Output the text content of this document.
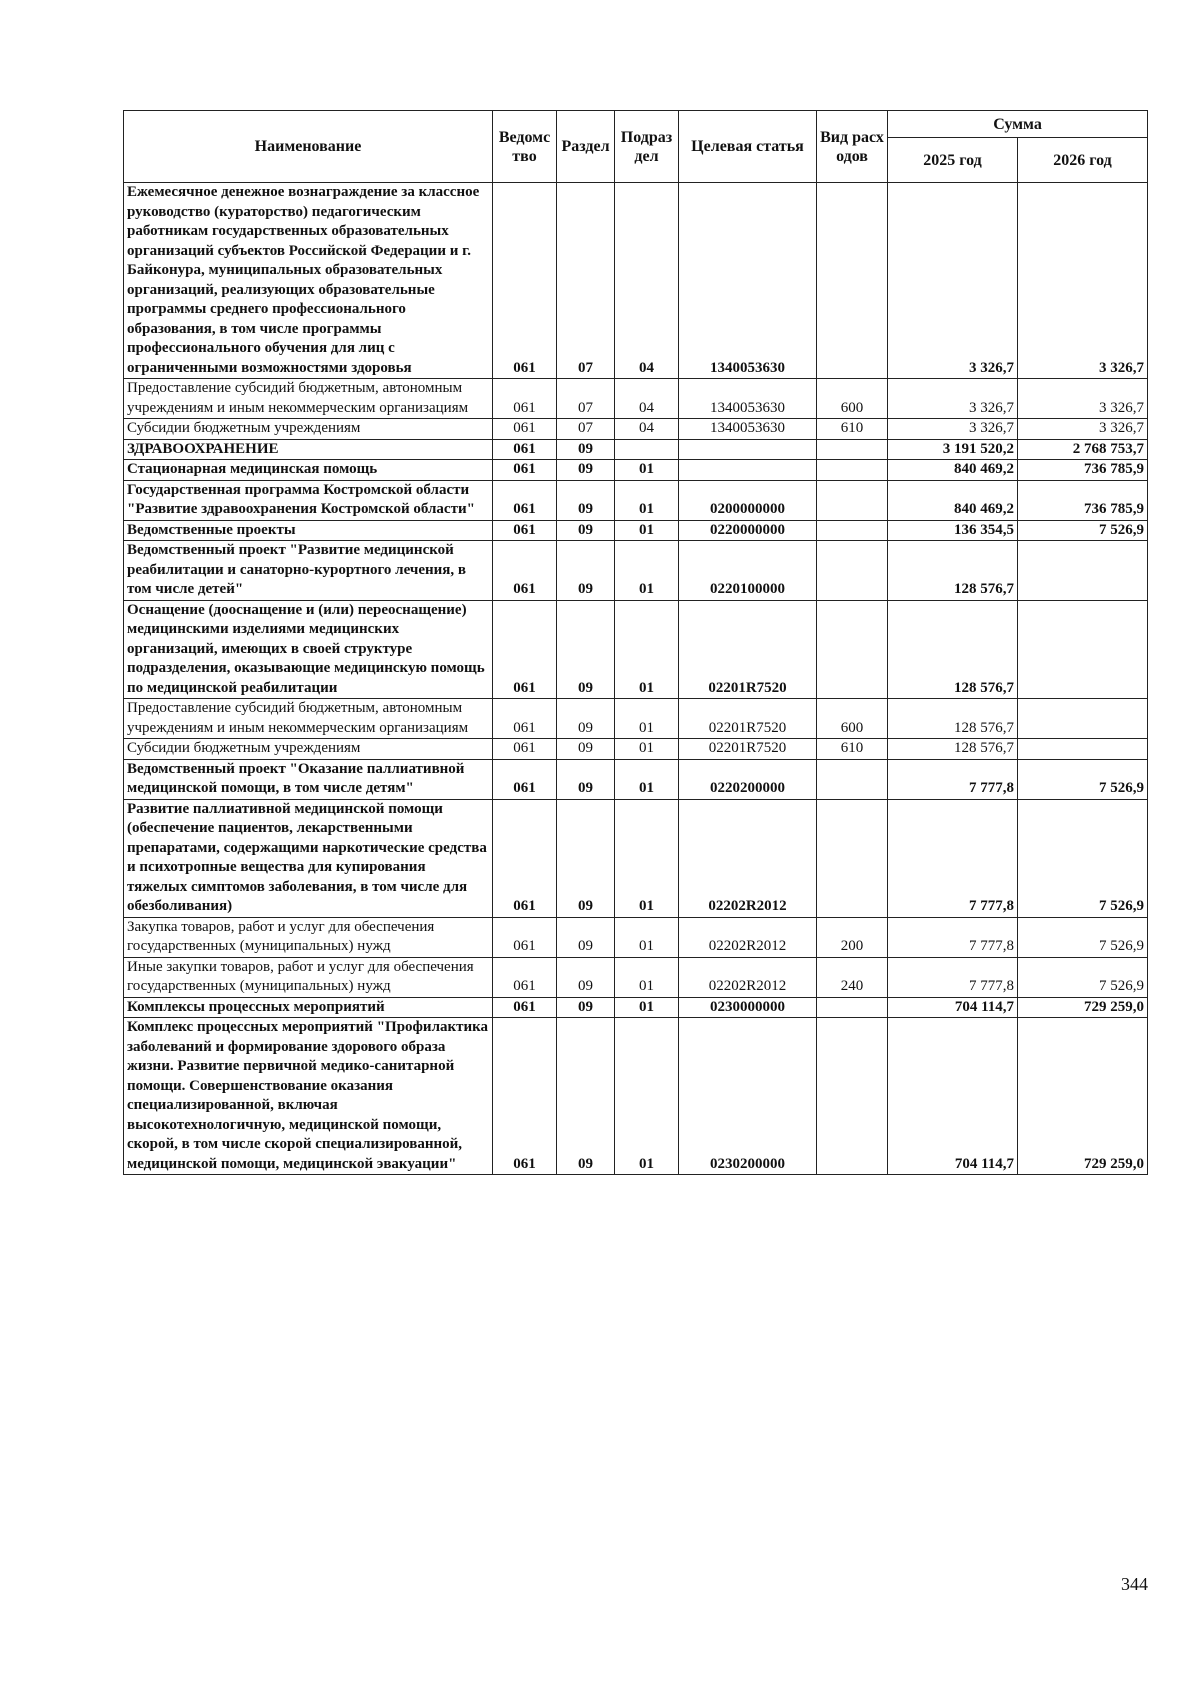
Наименование	Ведомство	Раздел	Подраздел	Целевая статья	Вид расходов	Сумма	
						2025 год	2026 год
Ежемесячное денежное вознаграждение за классное руководство (кураторство) педагогическим работникам государственных образовательных организаций субъектов Российской Федерации и г. Байконура, муниципальных образовательных организаций, реализующих образовательные программы среднего профессионального образования, в том числе программы профессионального обучения для лиц с ограниченными возможностями здоровья	061	07	04	1340053630		3 326,7	3 326,7
Предоставление субсидий бюджетным, автономным учреждениям и иным некоммерческим организациям	061	07	04	1340053630	600	3 326,7	3 326,7
Субсидии бюджетным учреждениям	061	07	04	1340053630	610	3 326,7	3 326,7
ЗДРАВООХРАНЕНИЕ	061	09				3 191 520,2	2 768 753,7
Стационарная медицинская помощь	061	09	01			840 469,2	736 785,9
Государственная программа Костромской области "Развитие здравоохранения Костромской области"	061	09	01	0200000000		840 469,2	736 785,9
Ведомственные проекты	061	09	01	0220000000		136 354,5	7 526,9
Ведомственный проект "Развитие медицинской реабилитации и санаторно-курортного лечения, в том числе детей"	061	09	01	0220100000		128 576,7	
Оснащение (дооснащение и (или) переоснащение) медицинскими изделиями медицинских организаций, имеющих в своей структуре подразделения, оказывающие медицинскую помощь по медицинской реабилитации	061	09	01	02201R7520		128 576,7	
Предоставление субсидий бюджетным, автономным учреждениям и иным некоммерческим организациям	061	09	01	02201R7520	600	128 576,7	
Субсидии бюджетным учреждениям	061	09	01	02201R7520	610	128 576,7	
Ведомственный проект "Оказание паллиативной медицинской помощи, в том числе детям"	061	09	01	0220200000		7 777,8	7 526,9
Развитие паллиативной медицинской помощи (обеспечение пациентов, лекарственными препаратами, содержащими наркотические средства и психотропные вещества для купирования тяжелых симптомов заболевания, в том числе для обезболивания)	061	09	01	02202R2012		7 777,8	7 526,9
Закупка товаров, работ и услуг для обеспечения государственных (муниципальных) нужд	061	09	01	02202R2012	200	7 777,8	7 526,9
Иные закупки товаров, работ и услуг для обеспечения государственных (муниципальных) нужд	061	09	01	02202R2012	240	7 777,8	7 526,9
Комплексы процессных мероприятий	061	09	01	0230000000		704 114,7	729 259,0
Комплекс процессных мероприятий "Профилактика заболеваний и формирование здорового образа жизни. Развитие первичной медико-санитарной помощи. Совершенствование оказания специализированной, включая высокотехнологичную, медицинской помощи, скорой, в том числе скорой специализированной, медицинской помощи, медицинской эвакуации"	061	09	01	0230200000		704 114,7	729 259,0
344
